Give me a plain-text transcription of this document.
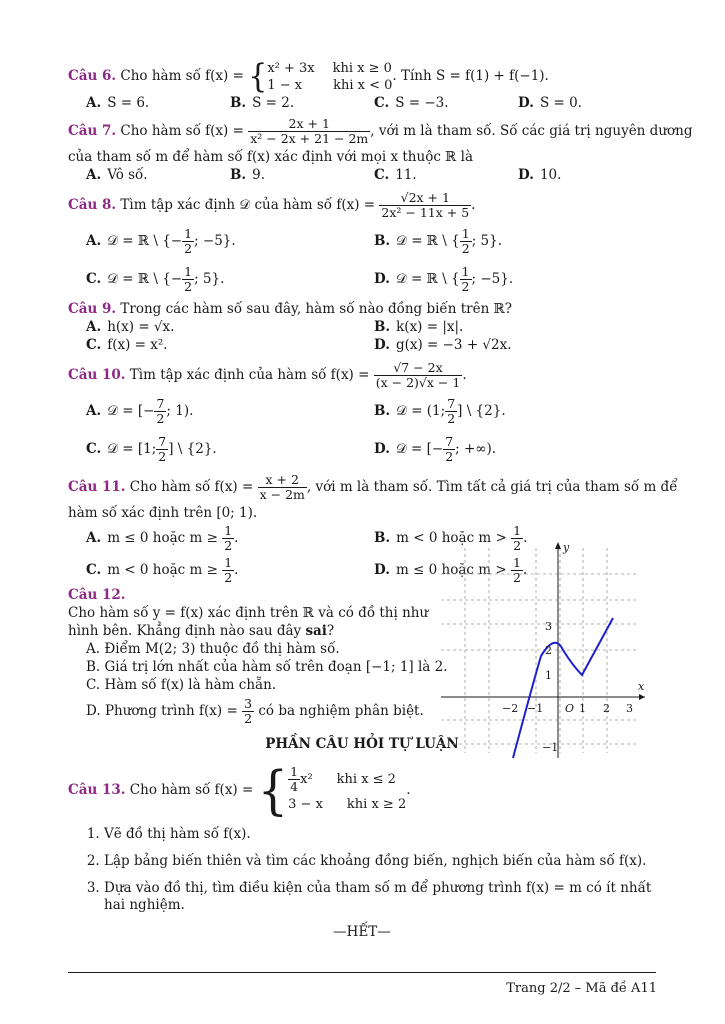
Câu 6. Cho hàm số f(x) = { x² + 3x khi x ≥ 0
1 − x khi x < 0
. Tính S = f(1) + f(−1).
A. S = 6.	B. S = 2.	C. S = −3.	D. S = 0.
Câu 7. Cho hàm số $f(x) = \frac{2x + 1}{\text{x² − 2x + 21 − 2m}}$ , với m là tham số. Số các giá trị nguyên dương
của tham số m để hàm số f(x) xác định với mọi x thuộc ℝ là
A. Vô số.	B. 9.	C. 11.	D. 10.
Câu 8. Tìm tập xác định 𝒟 của hàm số $f(x) = \frac{√2x + 1}{\text{2x² − 11x + 5}}$ .
A. 𝒟 = ℝ \ {− $\frac{1}{2}$ ; −5}.	B. 𝒟 = ℝ \ { $\frac{1}{2}$ ; 5}.
C. 𝒟 = ℝ \ {− $\frac{1}{2}$ ; 5}.	D. 𝒟 = ℝ \ { $\frac{1}{2}$ ; −5}.
Câu 9. Trong các hàm số sau đây, hàm số nào đồng biến trên ℝ?
A. h(x) = √x.	B. k(x) = |x|.
C. f(x) = x².	D. g(x) = −3 + √2x.
Câu 10. Tìm tập xác định của hàm số $f(x) = \frac{√7 - 2x}{(x - 2)√x - 1}$ .
A. 𝒟 = [− $\frac{7}{2}$ ; 1).	B. 𝒟 = (1; $\frac{7}{2}$ ] \ {2}.
C. 𝒟 = [1; $\frac{7}{2}$ ] \ {2}.	D. 𝒟 = [− $\frac{7}{2}$ ; +∞).
Câu 11. Cho hàm số $f(x) = \frac{x + 2}{x - 2m}$ , với m là tham số. Tìm tất cả giá trị của tham số m để
hàm số xác định trên [0; 1).
A. m ≤ 0 hoặc $m \ge \frac{1}{2}$ .	B. m < 0 hoặc $m > \frac{1}{2}$ .
C. m < 0 hoặc $m \ge \frac{1}{2}$ .	D. m ≤ 0 hoặc $m > \frac{1}{2}$ .
Câu 12.
Cho hàm số y = f(x) xác định trên ℝ và có đồ thị như
hình bên. Khẳng định nào sau đây sai?
A. Điểm M(2; 3) thuộc đồ thị hàm số.
B. Giá trị lớn nhất của hàm số trên đoạn [−1; 1] là 2.
C. Hàm số f(x) là hàm chẵn.
D. Phương trình $f(x) = \frac{3}{2}$ có ba nghiệm phân biệt.
PHẦN CÂU HỎI TỰ LUẬN
Câu 13. Cho hàm số f(x) = { $\frac{1}{4} x^2$ khi x ≤ 2
3 − x khi x ≥ 2
.
1. Vẽ đồ thị hàm số f(x).
2. Lập bảng biến thiên và tìm các khoảng đồng biến, nghịch biến của hàm số f(x).
3. Dựa vào đồ thị, tìm điều kiện của tham số m để phương trình f(x) = m có ít nhất hai nghiệm.
—HẾT—
x
y
O
−2 −1	1 2 3
3
2
1
−1
Trang 2/2 – Mã đề A11
